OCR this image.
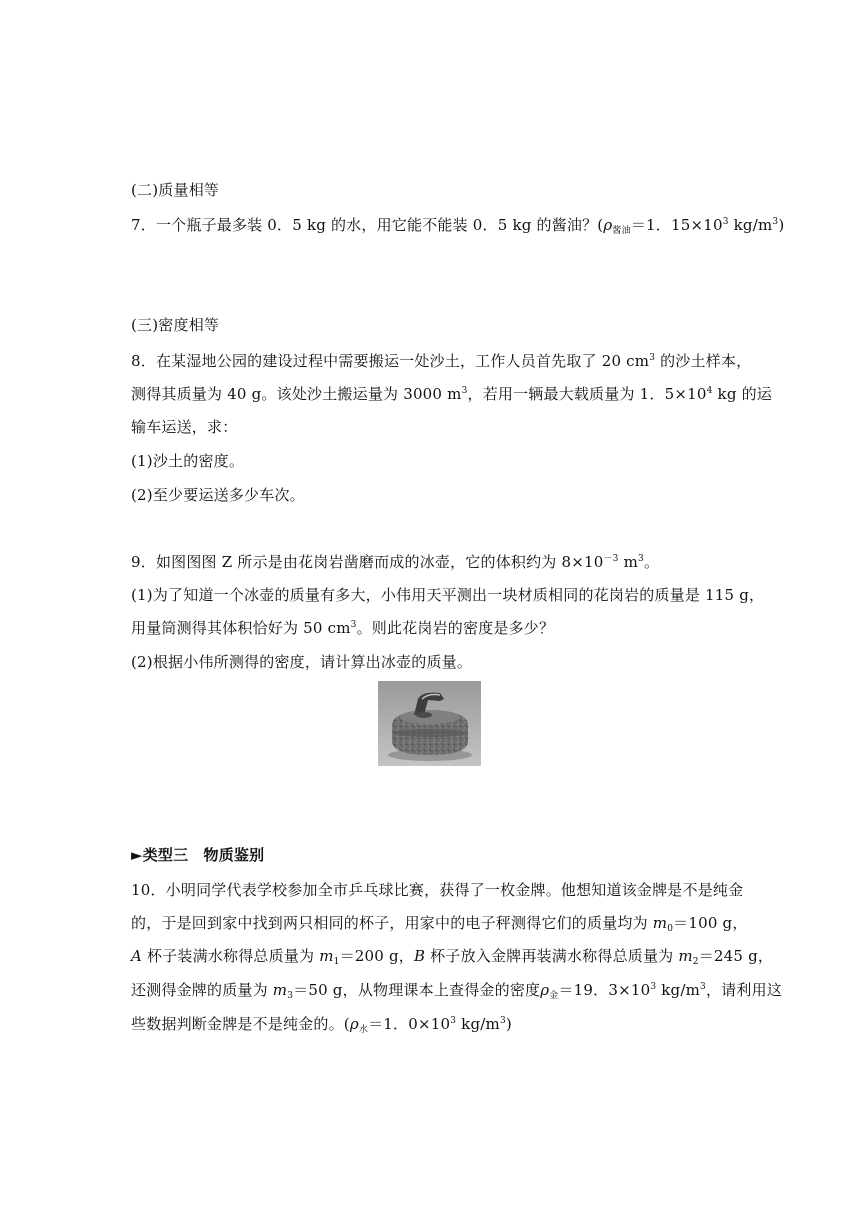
(二)质量相等
7．一个瓶子最多装 0．5 kg 的水，用它能不能装 0．5 kg 的酱油？($\rho_{酱油}=1$．$15\times 10^3$ $kg/m^3$)
(三)密度相等
8．在某湿地公园的建设过程中需要搬运一处沙土，工作人员首先取了 20 $cm^3$ 的沙土样本，
测得其质量为 40 g。该处沙土搬运量为 3000 $m^3$，若用一辆最大载质量为 1．$5\times 10^4$ kg 的运
输车运送，求：
(1)沙土的密度。
(2)至少要运送多少车次。
9．如图图图 Z 所示是由花岗岩凿磨而成的冰壶，它的体积约为 $8\times 10^{-3}$ $m^3$。
(1)为了知道一个冰壶的质量有多大，小伟用天平测出一块材质相同的花岗岩的质量是 115 g，
用量筒测得其体积恰好为 50 $cm^3$。则此花岗岩的密度是多少？
(2)根据小伟所测得的密度，请计算出冰壶的质量。
►类型三　物质鉴别
10．小明同学代表学校参加全市乒乓球比赛，获得了一枚金牌。他想知道该金牌是不是纯金
的，于是回到家中找到两只相同的杯子，用家中的电子秤测得它们的质量均为 $m_0=100$ g，
A 杯子装满水称得总质量为 $m_1=200$ g，B 杯子放入金牌再装满水称得总质量为 $m_2=245$ g，
还测得金牌的质量为 $m_3=50$ g，从物理课本上查得金的密度$\rho_金=19$．$3\times 10^3$ $kg/m^3$，请利用这
些数据判断金牌是不是纯金的。($\rho_水=1$．$0\times 10^3$ $kg/m^3$)
